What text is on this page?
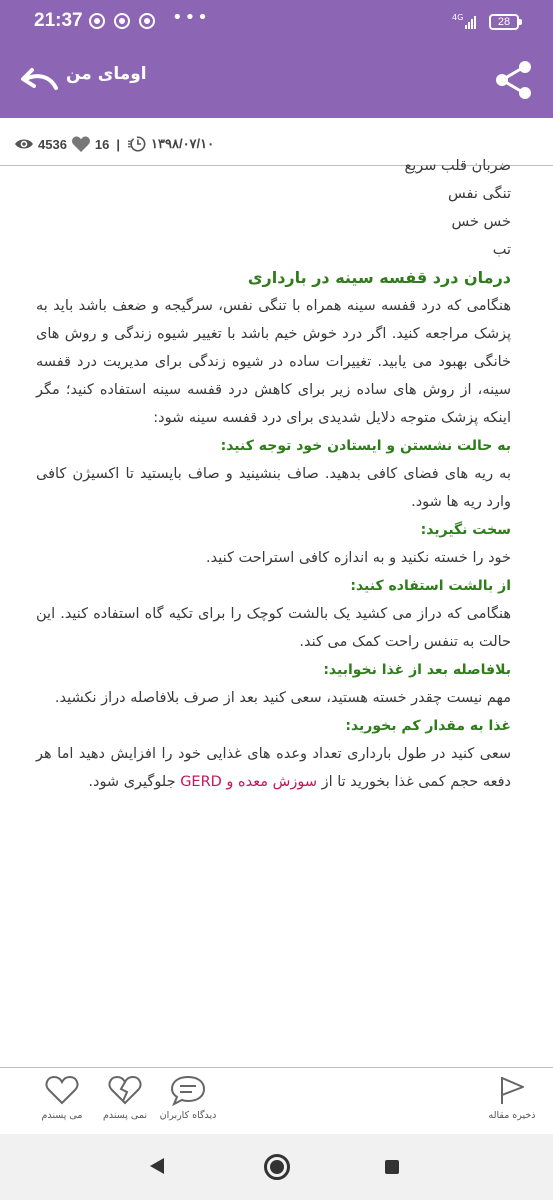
21:37	•••	4G	28
اومای من
4536 16 | ۱۳۹۸/۰۷/۱۰

ضربان قلب سریع

تنگی نفس

خس خس

تب

درمان درد قفسه سینه در بارداری

هنگامی که درد قفسه سینه همراه با تنگی نفس، سرگیجه و ضعف باشد باید به پزشک مراجعه کنید. اگر درد خوش خیم باشد با تغییر شیوه زندگی و روش های خانگی بهبود می یابید. تغییرات ساده در شیوه زندگی برای مدیریت درد قفسه سینه، از روش های ساده زیر برای کاهش درد قفسه سینه استفاده کنید؛ مگر اینکه پزشک متوجه دلایل شدیدی برای درد قفسه سینه شود:

به حالت نشستن و ایستادن خود توجه کنید:

به ریه های فضای کافی بدهید. صاف بنشینید و صاف بایستید تا اکسیژن کافی وارد ریه ها شود.

سخت نگیرید:

خود را خسته نکنید و به اندازه کافی استراحت کنید.

از بالشت استفاده کنید:

هنگامی که دراز می کشید یک بالشت کوچک را برای تکیه گاه استفاده کنید. این حالت به تنفس راحت کمک می کند.

بلافاصله بعد از غذا نخوابید:

مهم نیست چقدر خسته هستید، سعی کنید بعد از صرف بلافاصله دراز نکشید.

غذا به مقدار کم بخورید:

سعی کنید در طول بارداری تعداد وعده های غذایی خود را افزایش دهید اما هر دفعه حجم کمی غذا بخورید تا از سوزش معده و GERD جلوگیری شود.

می پسندم	نمی پسندم	دیدگاه کاربران	ذخیره مقاله
